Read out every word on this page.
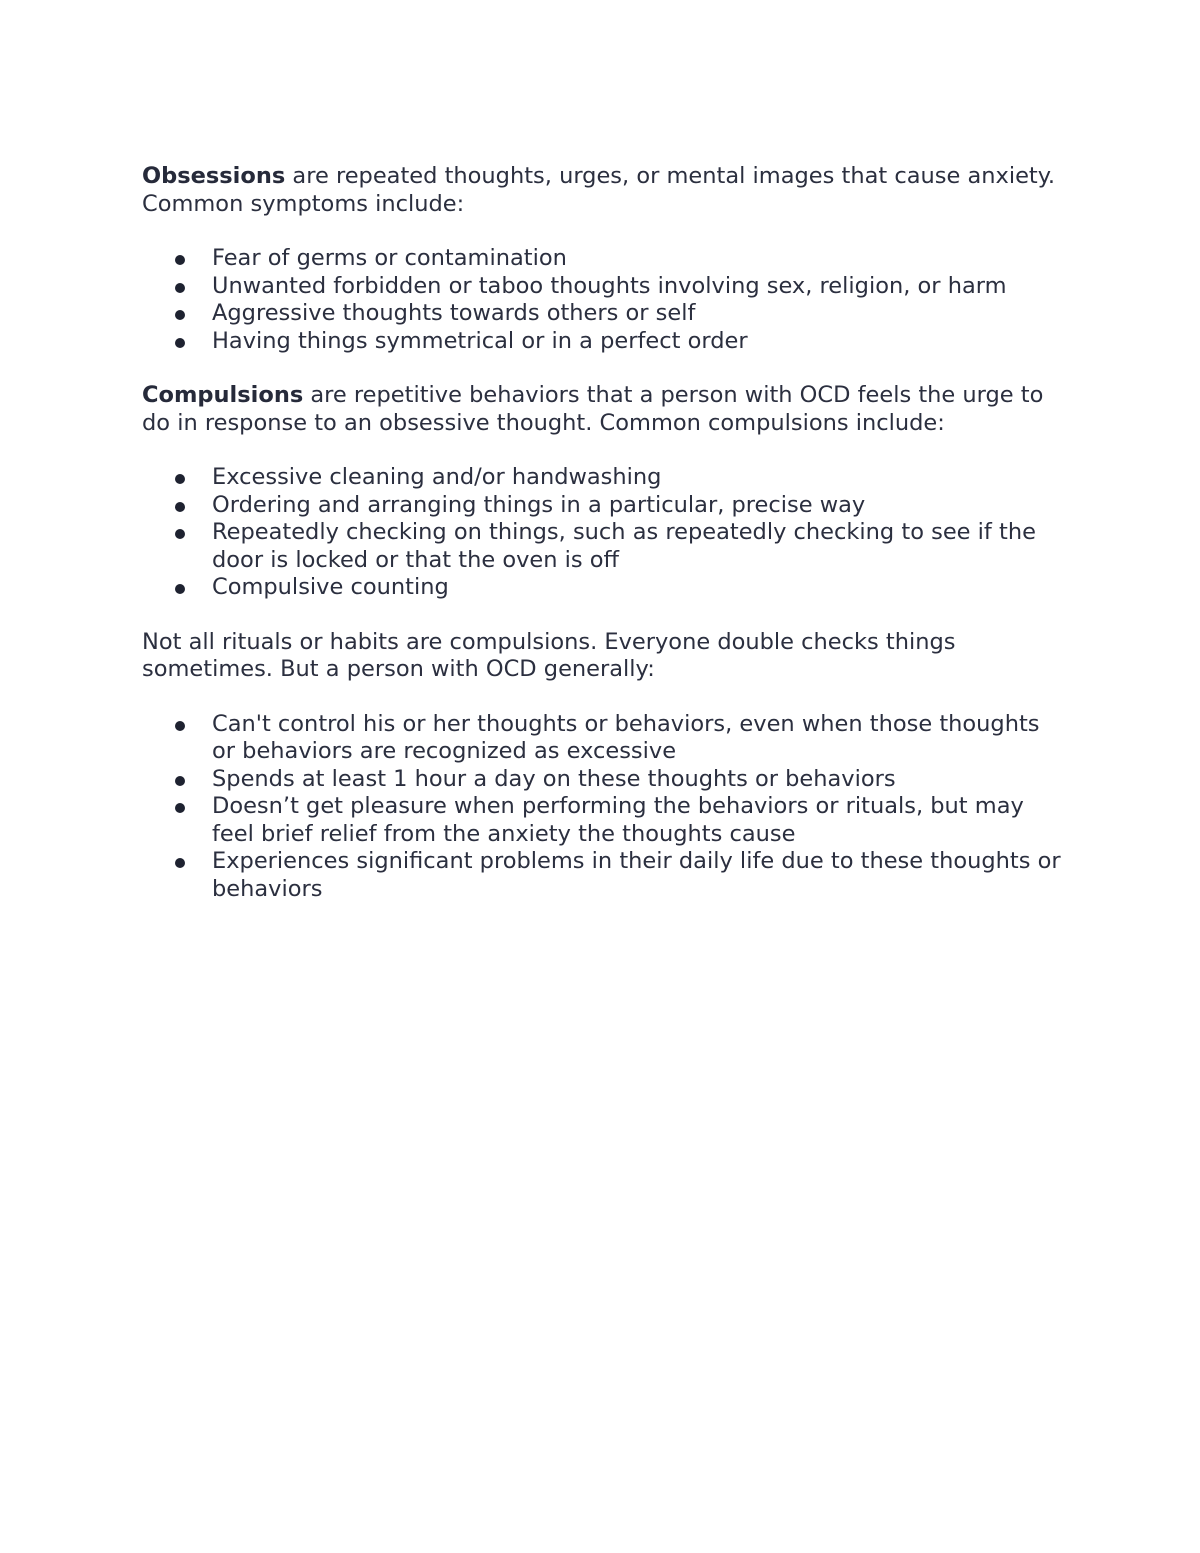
Obsessions are repeated thoughts, urges, or mental images that cause anxiety. Common symptoms include:

Fear of germs or contamination
Unwanted forbidden or taboo thoughts involving sex, religion, or harm
Aggressive thoughts towards others or self
Having things symmetrical or in a perfect order

Compulsions are repetitive behaviors that a person with OCD feels the urge to do in response to an obsessive thought. Common compulsions include:

Excessive cleaning and/or handwashing
Ordering and arranging things in a particular, precise way
Repeatedly checking on things, such as repeatedly checking to see if the door is locked or that the oven is off
Compulsive counting

Not all rituals or habits are compulsions. Everyone double checks things sometimes. But a person with OCD generally:

Can't control his or her thoughts or behaviors, even when those thoughts or behaviors are recognized as excessive
Spends at least 1 hour a day on these thoughts or behaviors
Doesn’t get pleasure when performing the behaviors or rituals, but may feel brief relief from the anxiety the thoughts cause
Experiences significant problems in their daily life due to these thoughts or behaviors
